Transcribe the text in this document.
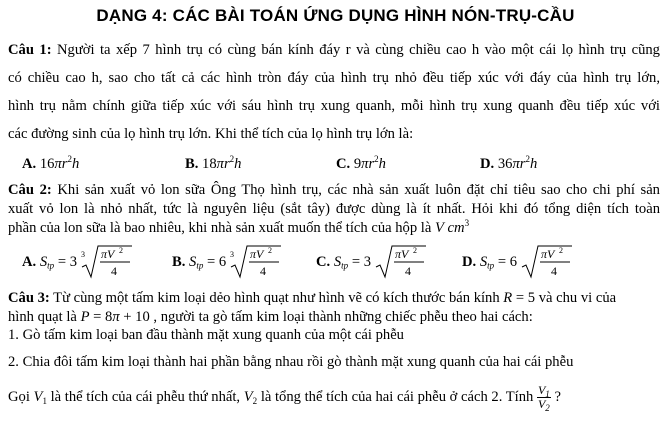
DẠNG 4: CÁC BÀI TOÁN ỨNG DỤNG HÌNH NÓN-TRỤ-CẦU
Câu 1: Người ta xếp 7 hình trụ có cùng bán kính đáy r và cùng chiều cao h vào một cái lọ hình trụ cũng
có chiều cao h, sao cho tất cả các hình tròn đáy của hình trụ nhỏ đều tiếp xúc với đáy của hình trụ lớn,
hình trụ nằm chính giữa tiếp xúc với sáu hình trụ xung quanh, mỗi hình trụ xung quanh đều tiếp xúc với
các đường sinh của lọ hình trụ lớn. Khi thể tích của lọ hình trụ lớn là:
A. $16\pi r^2h$	B. $18\pi r^2h$	C. $9\pi r^2h$	D. $36\pi r^2h$
Câu 2: Khi sản xuất vỏ lon sữa Ông Thọ hình trụ, các nhà sản xuất luôn đặt chỉ tiêu sao cho chi phí sản
xuất vỏ lon là nhỏ nhất, tức là nguyên liệu (sắt tây) được dùng là ít nhất. Hỏi khi đó tổng diện tích toàn
phần của lon sữa là bao nhiêu, khi nhà sản xuất muốn thể tích của hộp là V $cm^3$
A. $S_{tp} = 3$ 3 πV 2
4
B. $S_{tp} = 6$ 3 πV 2
4
C. $S_{tp} = 3$ πV 2
4
D. $S_{tp} = 6$ πV 2
4
Câu 3: Từ cùng một tấm kim loại dẻo hình quạt như hình vẽ có kích thước bán kính R = 5 và chu vi của
hình quạt là P = 8π + 10 , người ta gò tấm kim loại thành những chiếc phễu theo hai cách:
1. Gò tấm kim loại ban đầu thành mặt xung quanh của một cái phễu
2. Chia đôi tấm kim loại thành hai phần bằng nhau rồi gò thành mặt xung quanh của hai cái phễu
Gọi $V_1$ là thể tích của cái phễu thứ nhất, $V_2$ là tổng thể tích của hai cái phễu ở cách 2. Tính $\frac{V_1}{V_2}$ ?
